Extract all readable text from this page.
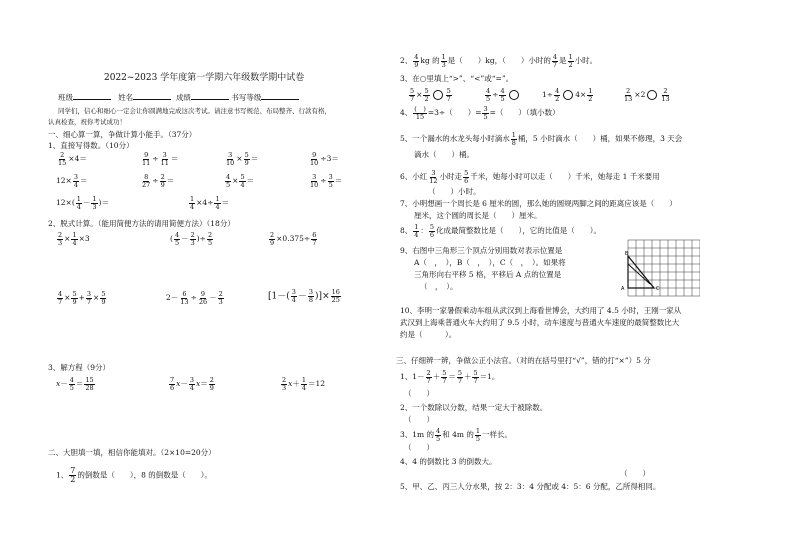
2022~2023 学年度第一学期六年级数学期中试卷
班级	姓名	成绩	书写等级
同学们，信心和细心一定会让你圆满地完成这次考试。请注意书写规范、布局整齐、行款有格，
认真检查，祝你考试成功！
一、细心算一算，争做计算小能手。（37分）
1、直接写得数。（10分）
$\frac{2}{15} \times 4=$	$\frac{9}{11} \div \frac{3}{11}$ ＝	$\frac{3}{10} \times \frac{5}{9}$ ＝	$\frac{9}{10} \div 3=$
$12\times \frac{3}{4}$ ＝	$\frac{8}{27} \div \frac{2}{9}$ ＝	$\frac{4}{5} \times \frac{5}{4}$ ＝	$\frac{3}{10} \div \frac{3}{5}$ ＝
$12\times( \frac{1}{4} - \frac{1}{3}$ )＝	$\frac{1}{4} \times 4\div \frac{1}{4}$ ＝
2、脱式计算。（能用简便方法的请用简便方法）（18分）
$\frac{2}{3} \times \frac{1}{4} \times 3$	( $\frac{4}{5} - \frac{2}{3}$ )÷ $\frac{2}{5}$	$\frac{2}{9} \times 0.375\div \frac{6}{7}$
$\frac{4}{7} \times \frac{5}{9} + \frac{3}{7} \times \frac{5}{9}$	$2- \frac{6}{13} \div \frac{9}{26} - \frac{2}{3}$	[$1-( \frac{3}{4} - \frac{3}{8}$ )]× $\frac{16}{25}$
3、解方程（9分）
$x- \frac{4}{5} = \frac{15}{28}$	$\frac{7}{6} x- \frac{3}{4} x= \frac{2}{9}$	$\frac{2}{3} x+ \frac{1}{4} =12$
二、大胆填一填，相信你能填对。（2×10=20分）
1、 $\frac{7}{2}$ 的倒数是（　　），8 的倒数是（　　）。
2、 $\frac{4}{9}$ kg 的 $\frac{1}{3}$ 是（　　）kg，（　　）小时的 $\frac{4}{7}$ 是 $\frac{1}{2}$ 小时。
3、在○里填上“>”、“<”或“=”。
$\frac{5}{7} \times \frac{5}{2} \frac{5}{7}$	$\frac{4}{5} \div \frac{4}{5}$	$1\div \frac{4}{2} 4\times \frac{1}{2}$	$\frac{2}{13} \times 2 \frac{2}{13}$
4、 $\frac{( )}{15} =3\div$（　　）= $\frac{3}{5}$ =（　　）（填小数）
5、一个漏水的水龙头每小时滴水 $\frac{1}{8}$ 桶，5 小时滴水（　　）桶，如果不修理，3 天会
滴水（　　）桶。
6、小红 $\frac{3}{12}$ 小时走 $\frac{5}{6}$ 千米，她每小时可以走（　　）千米，她每走 1 千米要用
（　　）小时。
7、小明想画一个周长是 6 厘米的圆，那么她的圆规两脚之间的距离应该是（　　）
厘米，这个圆的周长是（　　）厘米。
8、 $\frac{1}{4}$ ： $\frac{5}{6}$ 化成最简整数比是（　　），它的比值是（　　）。
9、右图中三角形三个顶点分别用数对表示位置是
A（　，　），B（　，　），C（　，　）。如果将
三角形向右平移 5 格，平移后 A 点的位置是
（　，　）。
10、李明一家暑假乘动车组从武汉到上海看世博会，大约用了 4.5 小时，王刚一家从
武汉到上海乘普通火车大约用了 9.5 小时，动车速度与普通火车速度的最简整数比大
约是（　　　）。
三、仔细辨一辨，争做公正小法官。（对的在括号里打“√”，错的打“×”）5 分
1、$1- \frac{2}{7} + \frac{5}{7} = \frac{5}{7} + \frac{5}{7} =1$。
（　　）
2、一个数除以分数，结果一定大于被除数。
（　　）
3、1m 的 $\frac{4}{5}$ 和 4m 的 $\frac{1}{5}$ 一样长。
（　　）
4、4 的倒数比 3 的倒数大。
（　　）
5、甲、乙、丙三人分水果，按 2：3：4 分配或 4：5：6 分配，乙所得相同。
A
B
C
